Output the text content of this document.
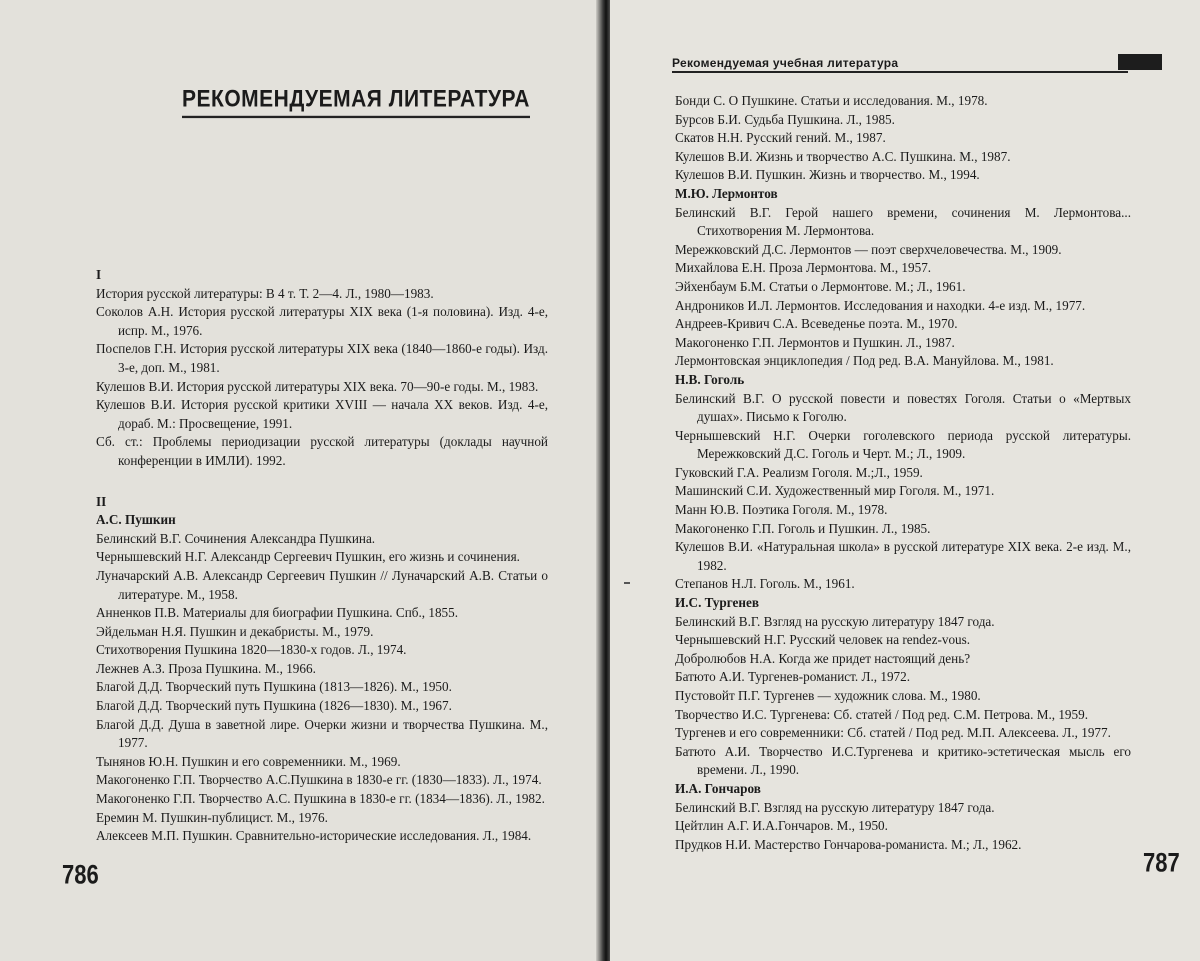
РЕКОМЕНДУЕМАЯ ЛИТЕРАТУРА
I
История русской литературы: В 4 т. Т. 2—4. Л., 1980—1983.
Соколов А.Н. История русской литературы XIX века (1-я половина). Изд. 4-е, испр. М., 1976.
Поспелов Г.Н. История русской литературы XIX века (1840—1860-е годы). Изд. 3-е, доп. М., 1981.
Кулешов В.И. История русской литературы XIX века. 70—90-е годы. М., 1983.
Кулешов В.И. История русской критики XVIII — начала XX веков. Изд. 4-е, дораб. М.: Просвещение, 1991.
Сб. ст.: Проблемы периодизации русской литературы (доклады научной конференции в ИМЛИ). 1992.
II
А.С. Пушкин
Белинский В.Г. Сочинения Александра Пушкина.
Чернышевский Н.Г. Александр Сергеевич Пушкин, его жизнь и сочинения.
Луначарский А.В. Александр Сергеевич Пушкин // Луначарский А.В. Статьи о литературе. М., 1958.
Анненков П.В. Материалы для биографии Пушкина. Спб., 1855.
Эйдельман Н.Я. Пушкин и декабристы. М., 1979.
Стихотворения Пушкина 1820—1830-х годов. Л., 1974.
Лежнев А.З. Проза Пушкина. М., 1966.
Благой Д.Д. Творческий путь Пушкина (1813—1826). М., 1950.
Благой Д.Д. Творческий путь Пушкина (1826—1830). М., 1967.
Благой Д.Д. Душа в заветной лире. Очерки жизни и творчества Пушкина. М., 1977.
Тынянов Ю.Н. Пушкин и его современники. М., 1969.
Макогоненко Г.П. Творчество А.С.Пушкина в 1830-е гг. (1830—1833). Л., 1974.
Макогоненко Г.П. Творчество А.С. Пушкина в 1830-е гг. (1834—1836). Л., 1982.
Еремин М. Пушкин-публицист. М., 1976.
Алексеев М.П. Пушкин. Сравнительно-исторические исследования. Л., 1984.
786
Рекомендуемая учебная литература
Бонди С. О Пушкине. Статьи и исследования. М., 1978.
Бурсов Б.И. Судьба Пушкина. Л., 1985.
Скатов Н.Н. Русский гений. М., 1987.
Кулешов В.И. Жизнь и творчество А.С. Пушкина. М., 1987.
Кулешов В.И. Пушкин. Жизнь и творчество. М., 1994.
М.Ю. Лермонтов
Белинский В.Г. Герой нашего времени, сочинения М. Лермонтова... Стихотворения М. Лермонтова.
Мережковский Д.С. Лермонтов — поэт сверхчеловечества. М., 1909.
Михайлова Е.Н. Проза Лермонтова. М., 1957.
Эйхенбаум Б.М. Статьи о Лермонтове. М.; Л., 1961.
Андроников И.Л. Лермонтов. Исследования и находки. 4-е изд. М., 1977.
Андреев-Кривич С.А. Всеведенье поэта. М., 1970.
Макогоненко Г.П. Лермонтов и Пушкин. Л., 1987.
Лермонтовская энциклопедия / Под ред. В.А. Мануйлова. М., 1981.
Н.В. Гоголь
Белинский В.Г. О русской повести и повестях Гоголя. Статьи о «Мертвых душах». Письмо к Гоголю.
Чернышевский Н.Г. Очерки гоголевского периода русской литературы. Мережковский Д.С. Гоголь и Черт. М.; Л., 1909.
Гуковский Г.А. Реализм Гоголя. М.;Л., 1959.
Машинский С.И. Художественный мир Гоголя. М., 1971.
Манн Ю.В. Поэтика Гоголя. М., 1978.
Макогоненко Г.П. Гоголь и Пушкин. Л., 1985.
Кулешов В.И. «Натуральная школа» в русской литературе XIX века. 2-е изд. М., 1982.
Степанов Н.Л. Гоголь. М., 1961.
И.С. Тургенев
Белинский В.Г. Взгляд на русскую литературу 1847 года.
Чернышевский Н.Г. Русский человек на rendez-vous.
Добролюбов Н.А. Когда же придет настоящий день?
Батюто А.И. Тургенев-романист. Л., 1972.
Пустовойт П.Г. Тургенев — художник слова. М., 1980.
Творчество И.С. Тургенева: Сб. статей / Под ред. С.М. Петрова. М., 1959.
Тургенев и его современники: Сб. статей / Под ред. М.П. Алексеева. Л., 1977.
Батюто А.И. Творчество И.С.Тургенева и критико-эстетическая мысль его времени. Л., 1990.
И.А. Гончаров
Белинский В.Г. Взгляд на русскую литературу 1847 года.
Цейтлин А.Г. И.А.Гончаров. М., 1950.
Прудков Н.И. Мастерство Гончарова-романиста. М.; Л., 1962.
787
